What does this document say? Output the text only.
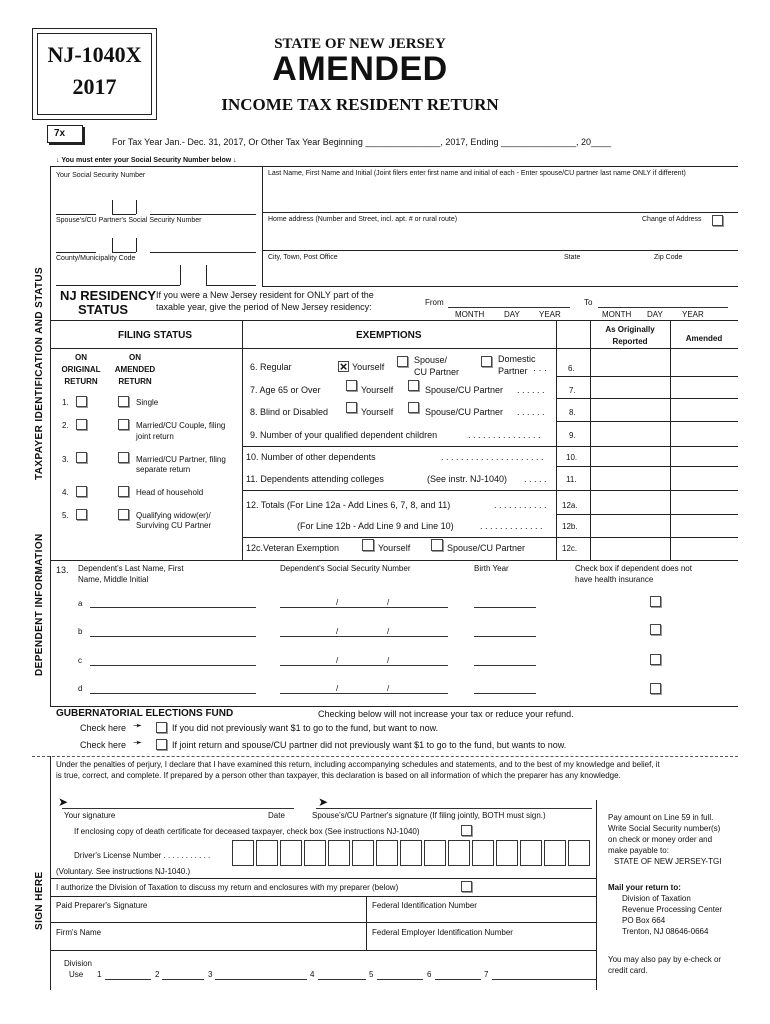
NJ-1040X
2017
STATE OF NEW JERSEY
AMENDED
INCOME TAX RESIDENT RETURN
7x
For Tax Year Jan.- Dec. 31, 2017, Or Other Tax Year Beginning _______________, 2017, Ending _______________, 20____
↓ You must enter your Social Security Number below ↓
Your Social Security Number	Last Name, First Name and Initial (Joint filers enter first name and initial of each - Enter spouse/CU partner last name ONLY if different)
Spouse's/CU Partner's Social Security Number	Home address (Number and Street, incl. apt. # or rural route)	Change of Address
County/Municipality Code	City, Town, Post Office	State	Zip Code
TAXPAYER IDENTIFICATION AND STATUS NJ RESIDENCY
STATUS
If you were a New Jersey resident for ONLY part of the
taxable year, give the period of New Jersey residency:	From	To
MONTH DAY YEAR	MONTH DAY YEAR
FILING STATUS
ON
ORIGINAL
RETURN
ON
AMENDED
RETURN
1.	Single
2.	Married/CU Couple, filing
joint return
3.	Married/CU Partner, filing
separate return
4.	Head of household
5.	Qualifying widow(er)/
Surviving CU Partner
EXEMPTIONS
As Originally
Reported	Amended
6. Regular
×	Yourself
Spouse/
CU Partner
Domestic
Partner · · ·	6.
7. Age 65 or Over	Yourself	Spouse/CU Partner . . . . . .	7.
8. Blind or Disabled	Yourself	Spouse/CU Partner . . . . . .	8.
9. Number of your qualified dependent children	. . . . . . . . . . . . . . .	9.
10. Number of other dependents	. . . . . . . . . . . . . . . . . . . . .	10.
11. Dependents attending colleges	(See instr. NJ-1040) . . . . . 11.
12. Totals (For Line 12a - Add Lines 6, 7, 8, and 11)	. . . . . . . . . . . 12a.
(For Line 12b - Add Line 9 and Line 10)	. . . . . . . . . . . . . 12b.
12c.Veteran Exemption	Yourself	Spouse/CU Partner	12c.
DEPENDENT INFORMATION 13. Dependent's Last Name, First
Name, Middle Initial
Dependent's Social Security Number	Birth Year	Check box if dependent does not
have health insurance
a	/	/
b	/	/
c	/	/
d	/	/
GUBERNATORIAL ELECTIONS FUND	Checking below will not increase your tax or reduce your refund.
Check here ➛	If you did not previously want $1 to go to the fund, but want to now.
Check here ➛	If joint return and spouse/CU partner did not previously want $1 to go to the fund, but wants to now.
SIGN HERE
Under the penalties of perjury, I declare that I have examined this return, including accompanying schedules and statements, and to the best of my knowledge and belief, it
is true, correct, and complete. If prepared by a person other than taxpayer, this declaration is based on all information of which the preparer has any knowledge.
➤	➤
Your signature	Date	Spouse's/CU Partner's signature (If filing jointly, BOTH must sign.)
If enclosing copy of death certificate for deceased taxpayer, check box (See instructions NJ-1040)
Driver's License Number . . . . . . . . . . .
(Voluntary. See instructions NJ-1040.)
I authorize the Division of Taxation to discuss my return and enclosures with my preparer (below)
Paid Preparer's Signature	Federal Identification Number
Firm's Name	Federal Employer Identification Number
Division
Use 1	2	3	4	5	6	7
Pay amount on Line 59 in full.
Write Social Security number(s)
on check or money order and
make payable to:
STATE OF NEW JERSEY-TGI
Mail your return to:
Division of Taxation
Revenue Processing Center
PO Box 664
Trenton, NJ 08646-0664
You may also pay by e-check or
credit card.
